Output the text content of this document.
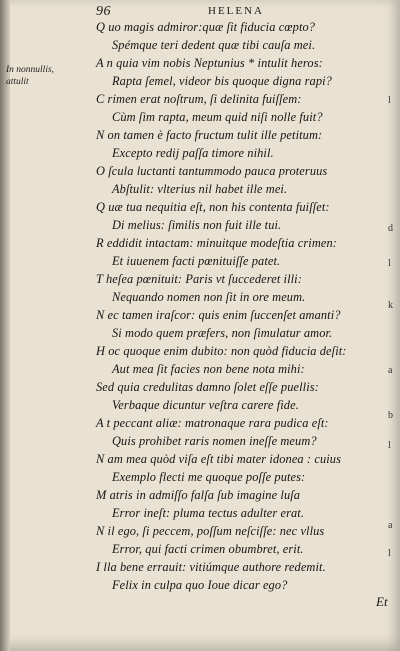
96	HELENA
In nonnullis,
attulit
Q uo magis admiror:quæ ſit fiducia cœpto?
Spémque teri dedent quæ tibi cauſa mei.
A n quia vim nobis Neptunius * intulit heros:
Rapta ſemel, videor bis quoque digna rapi?
C rimen erat noſtrum, ſi delinita fuiſſem:
Cùm ſim rapta, meum quid niſi nolle fuit?
N on tamen è facto fructum tulit ille petitum:
Excepto redij paſſa timore nihil.
O ſcula luctanti tantummodo pauca proteruus
Abſtulit: vlterius nil habet ille mei.
Q uæ tua nequitia eſt, non his contenta fuiſſet:
Di melius: ſimilis non fuit ille tui.
R eddidit intactam: minuitque modeſtia crimen:
Et iuuenem facti pœnituiſſe patet.
T heſea pœnituit: Paris vt ſuccederet illi:
Nequando nomen non ſit in ore meum.
N ec tamen iraſcor: quis enim ſuccenſet amanti?
Si modo quem præfers, non ſimulatur amor.
H oc quoque enim dubito: non quòd fiducia deſit:
Aut mea ſit facies non bene nota mihi:
Sed quia credulitas damno ſolet eſſe puellis:
Verbaque dicuntur veſtra carere fide.
A t peccant aliæ: matronaque rara pudica eſt:
Quis prohibet raris nomen ineſſe meum?
N am mea quòd viſa eſt tibi mater idonea : cuius
Exemplo flecti me quoque poſſe putes:
M atris in admiſſo falſa ſub imagine luſa
Error ineſt: pluma tectus adulter erat.
N il ego, ſi peccem, poſſum neſciſſe: nec vllus
Error, qui facti crimen obumbret, erit.
I lla bene errauit: vitiúmque authore redemit.
Felix in culpa quo Ioue dicar ego?
l
d
l
k
a
b
l
a
l
Et
